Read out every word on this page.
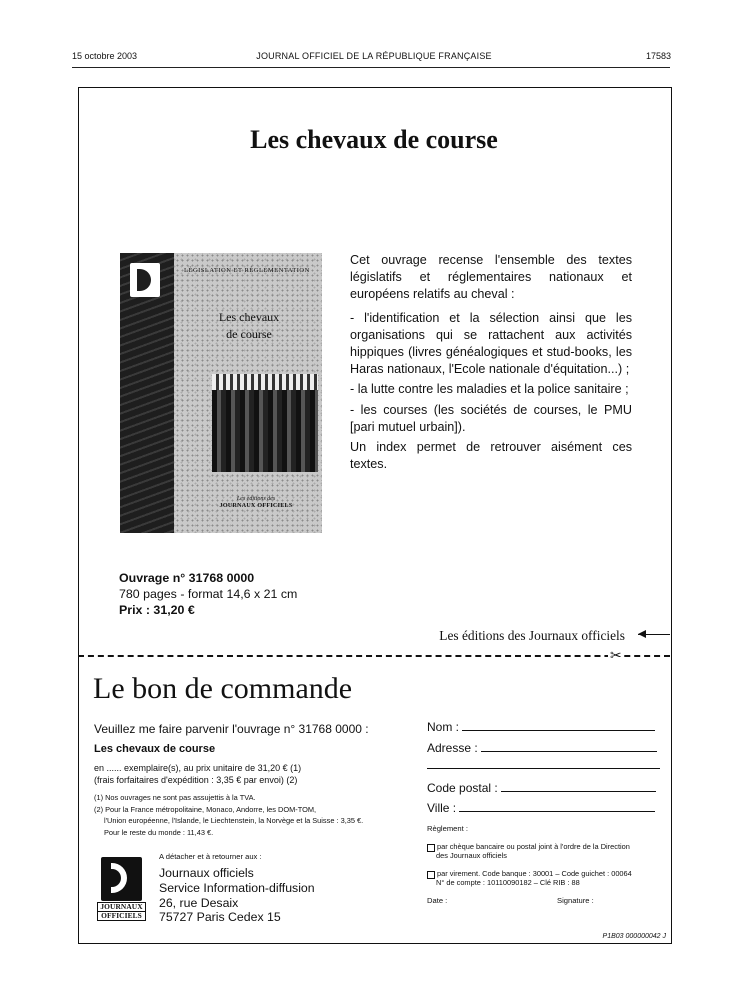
15 octobre 2003	JOURNAL OFFICIEL DE LA RÉPUBLIQUE FRANÇAISE	17583
Les chevaux de course
LÉGISLATION ET RÉGLEMENTATION
Les chevaux
de course
Les éditions des
JOURNAUX OFFICIELS

Cet ouvrage recense l'ensemble des textes législatifs et réglementaires nationaux et européens relatifs au cheval :

- l'identification et la sélection ainsi que les organisations qui se rattachent aux activités hippiques (livres généalogiques et stud-books, les Haras nationaux, l'Ecole nationale d'équitation...) ;

- la lutte contre les maladies et la police sanitaire ;

- les courses (les sociétés de courses, le PMU [pari mutuel urbain]).

Un index permet de retrouver aisément ces textes.

Ouvrage n° 31768 0000
780 pages - format 14,6 x 21 cm
Prix : 31,20 €
Les éditions des Journaux officiels
✂
Le bon de commande
Veuillez me faire parvenir l'ouvrage n° 31768 0000 :
Les chevaux de course
en ...... exemplaire(s), au prix unitaire de 31,20 € (1)
(frais forfaitaires d'expédition : 3,35 € par envoi) (2)
(1) Nos ouvrages ne sont pas assujettis à la TVA.
(2) Pour la France métropolitaine, Monaco, Andorre, les DOM-TOM,
l'Union européenne, l'Islande, le Liechtenstein, la Norvège et la Suisse : 3,35 €.
Pour le reste du monde : 11,43 €.
JOURNAUX
OFFICIELS
A détacher et à retourner aux :
Journaux officiels
Service Information-diffusion
26, rue Desaix
75727 Paris Cedex 15
Nom :
Adresse :
Code postal :
Ville :
Règlement :
par chèque bancaire ou postal joint à l'ordre de la Direction
des Journaux officiels
par virement. Code banque : 30001 – Code guichet : 00064
N° de compte : 10110090182 – Clé RIB : 88
Date :	Signature :
P1B03 000000042 J
